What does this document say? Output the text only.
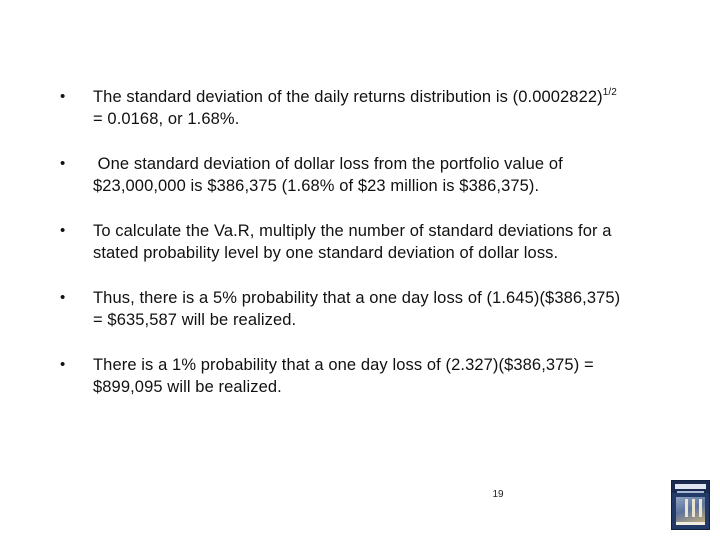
• The standard deviation of the daily returns distribution is $(0.0002822)^{1/2}$
= 0.0168, or 1.68%.
• One standard deviation of dollar loss from the portfolio value of
$23,000,000 is $386,375 (1.68% of $23 million is $386,375).
• To calculate the Va.R, multiply the number of standard deviations for a
stated probability level by one standard deviation of dollar loss.
• Thus, there is a 5% probability that a one day loss of (1.645)($386,375)
= $635,587 will be realized.
• There is a 1% probability that a one day loss of (2.327)($386,375) =
$899,095 will be realized.
19
